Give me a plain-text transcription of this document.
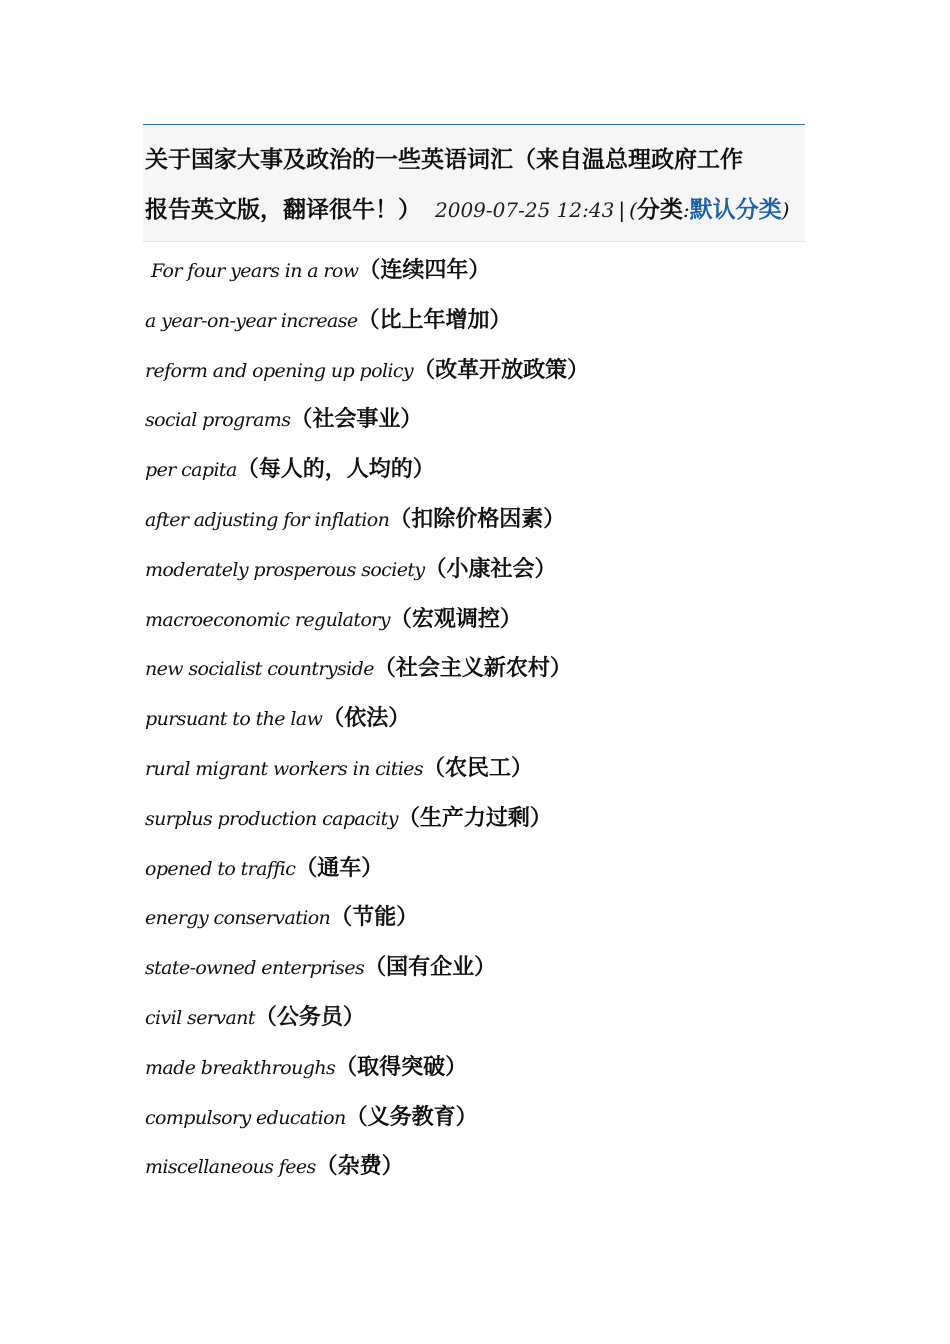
关于国家大事及政治的一些英语词汇（来自温总理政府工作
报告英文版，翻译很牛！） 2009-07-25 12:43 | (分类:默认分类)
For four years in a row（连续四年）
a year-on-year increase（比上年增加）
reform and opening up policy（改革开放政策）
social programs（社会事业）
per capita（每人的，人均的）
after adjusting for inflation（扣除价格因素）
moderately prosperous society（小康社会）
macroeconomic regulatory（宏观调控）
new socialist countryside（社会主义新农村）
pursuant to the law（依法）
rural migrant workers in cities（农民工）
surplus production capacity（生产力过剩）
opened to traffic（通车）
energy conservation（节能）
state-owned enterprises（国有企业）
civil servant（公务员）
made breakthroughs（取得突破）
compulsory education（义务教育）
miscellaneous fees（杂费）
